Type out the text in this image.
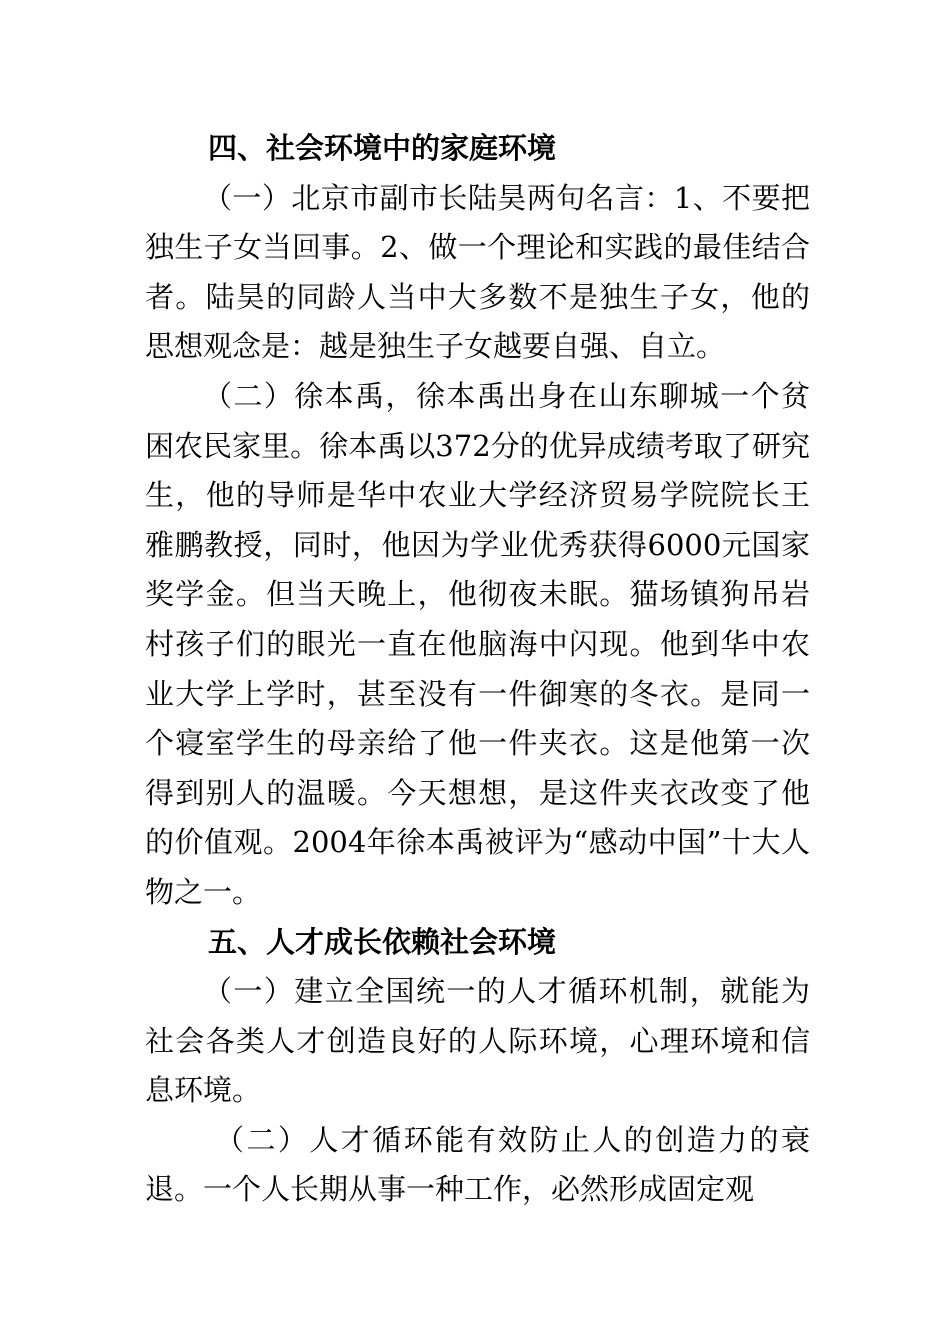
四、社会环境中的家庭环境

（一）北京市副市长陆昊两句名言：1、不要把独生子女当回事。2、做一个理论和实践的最佳结合者。陆昊的同龄人当中大多数不是独生子女，他的思想观念是：越是独生子女越要自强、自立。

（二）徐本禹，徐本禹出身在山东聊城一个贫困农民家里。徐本禹以372分的优异成绩考取了研究生，他的导师是华中农业大学经济贸易学院院长王雅鹏教授，同时，他因为学业优秀获得6000元国家奖学金。但当天晚上，他彻夜未眠。猫场镇狗吊岩村孩子们的眼光一直在他脑海中闪现。他到华中农业大学上学时，甚至没有一件御寒的冬衣。是同一个寝室学生的母亲给了他一件夹衣。这是他第一次得到别人的温暖。今天想想，是这件夹衣改变了他的价值观。2004年徐本禹被评为“感动中国”十大人物之一。

五、人才成长依赖社会环境

（一）建立全国统一的人才循环机制，就能为社会各类人才创造良好的人际环境，心理环境和信息环境。

（二）人才循环能有效防止人的创造力的衰退。一个人长期从事一种工作，必然形成固定观
